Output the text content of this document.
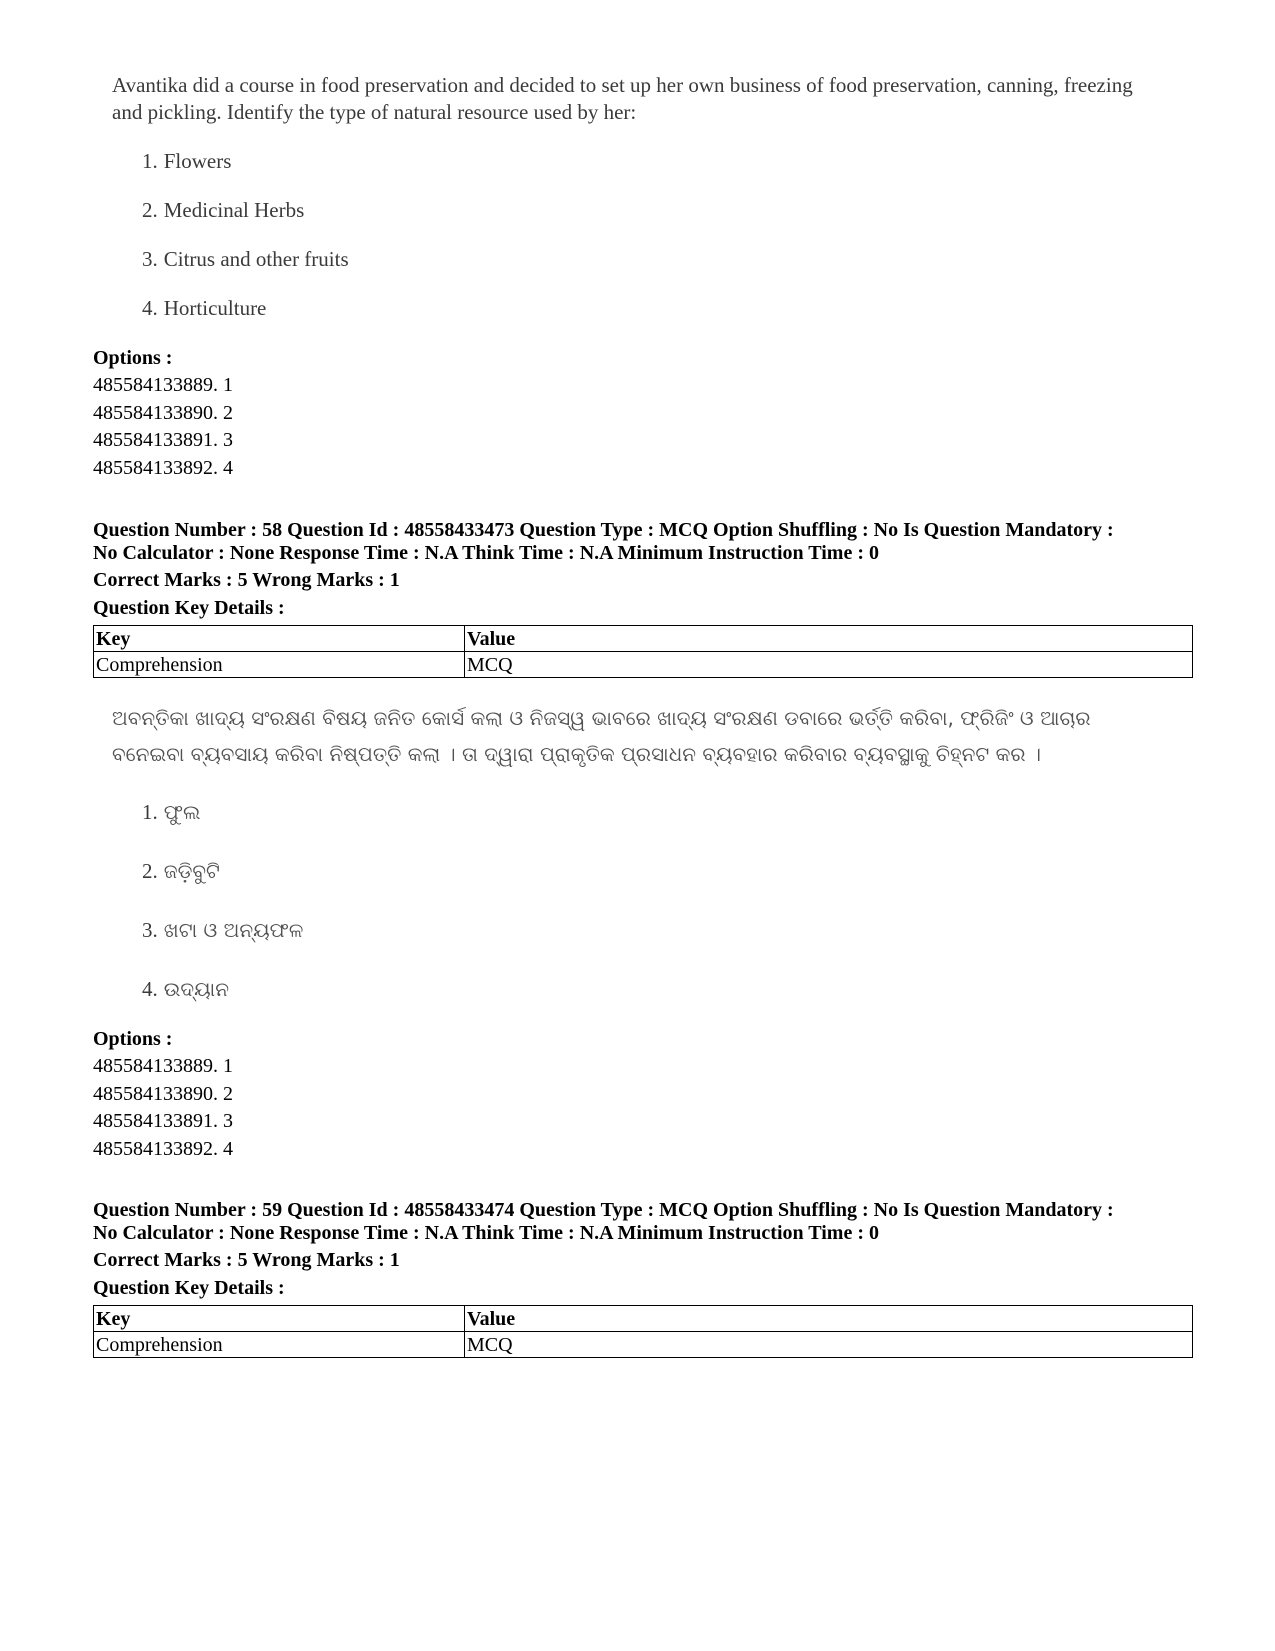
Avantika did a course in food preservation and decided to set up her own business of food preservation, canning, freezing and pickling. Identify the type of natural resource used by her:

1. Flowers
2. Medicinal Herbs
3. Citrus and other fruits
4. Horticulture
Options :
485584133889. 1
485584133890. 2
485584133891. 3
485584133892. 4
Question Number : 58 Question Id : 48558433473 Question Type : MCQ Option Shuffling : No Is Question Mandatory :
No Calculator : None Response Time : N.A Think Time : N.A Minimum Instruction Time : 0
Correct Marks : 5 Wrong Marks : 1
Question Key Details :
Key	Value
Comprehension	MCQ

ଅବନ୍ତିକା ଖାଦ୍ୟ ସଂରକ୍ଷଣ ବିଷୟ ଜନିତ କୋର୍ସ କଲା ଓ ନିଜସ୍ୱ ଭାବରେ ଖାଦ୍ୟ ସଂରକ୍ଷଣ ଡବାରେ ଭର୍ତ୍ତି କରିବା, ଫ୍ରିଜିଂ ଓ ଆଚାର ବନେଇବା ବ୍ୟବସାୟ କରିବା ନିଷ୍ପତ୍ତି କଲା । ତା ଦ୍ୱାରା ପ୍ରାକୃତିକ ପ୍ରସାଧନ ବ୍ୟବହାର କରିବାର ବ୍ୟବସ୍ଥାକୁ ଚିହ୍ନଟ କର ।

1. ଫୁଲ
2. ଜଡ଼ିବୁଟି
3. ଖଟା ଓ ଅନ୍ୟଫଳ
4. ଉଦ୍ୟାନ
Options :
485584133889. 1
485584133890. 2
485584133891. 3
485584133892. 4
Question Number : 59 Question Id : 48558433474 Question Type : MCQ Option Shuffling : No Is Question Mandatory :
No Calculator : None Response Time : N.A Think Time : N.A Minimum Instruction Time : 0
Correct Marks : 5 Wrong Marks : 1
Question Key Details :
Key	Value
Comprehension	MCQ
